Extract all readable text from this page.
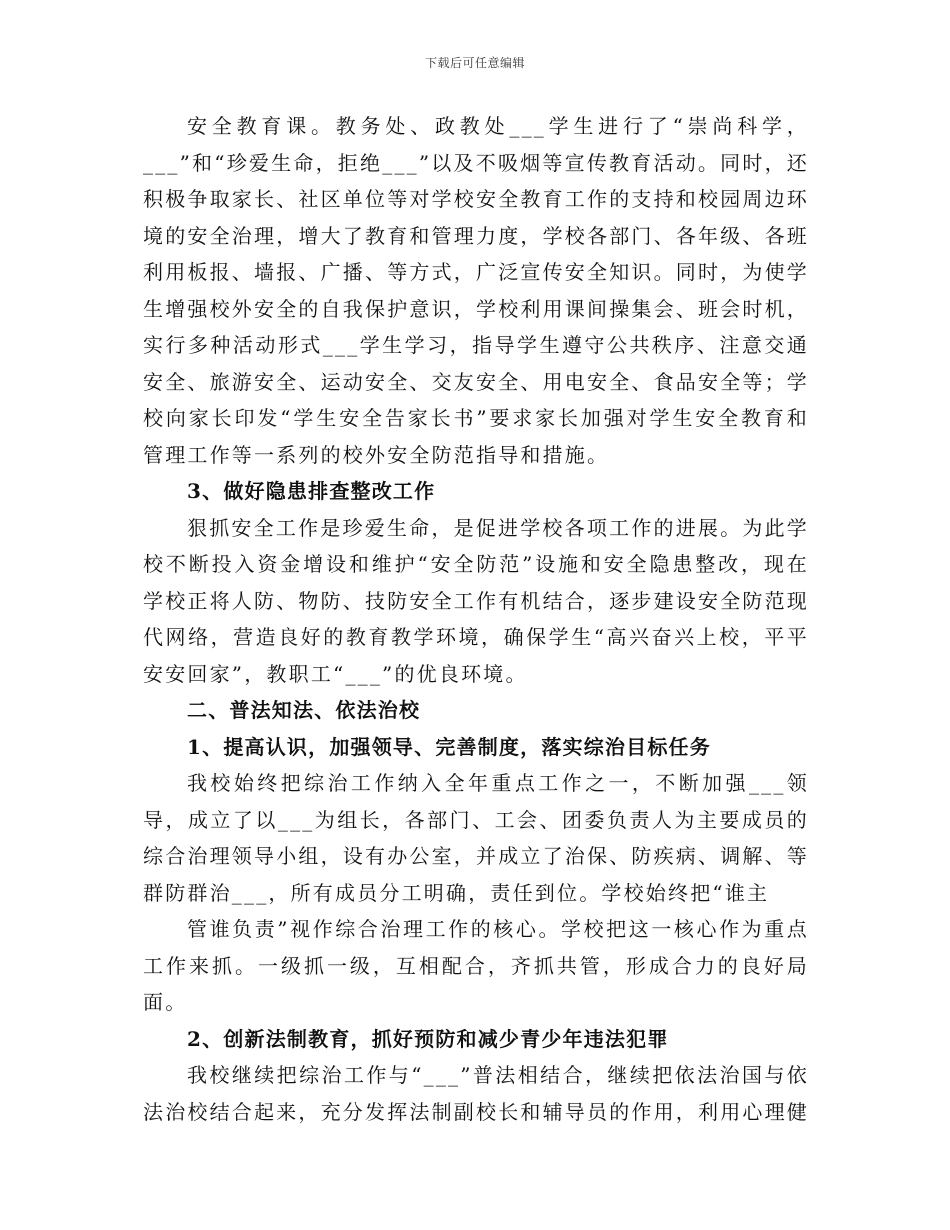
下载后可任意编辑

安全教育课。教务处、政教处___学生进行了“崇尚科学，___”和“珍爱生命，拒绝___”以及不吸烟等宣传教育活动。同时，还积极争取家长、社区单位等对学校安全教育工作的支持和校园周边环境的安全治理，增大了教育和管理力度，学校各部门、各年级、各班利用板报、墙报、广播、等方式，广泛宣传安全知识。同时，为使学生增强校外安全的自我保护意识，学校利用课间操集会、班会时机，实行多种活动形式___学生学习，指导学生遵守公共秩序、注意交通安全、旅游安全、运动安全、交友安全、用电安全、食品安全等；学校向家长印发“学生安全告家长书”要求家长加强对学生安全教育和管理工作等一系列的校外安全防范指导和措施。

3、做好隐患排查整改工作

狠抓安全工作是珍爱生命，是促进学校各项工作的进展。为此学校不断投入资金增设和维护“安全防范”设施和安全隐患整改，现在学校正将人防、物防、技防安全工作有机结合，逐步建设安全防范现代网络，营造良好的教育教学环境，确保学生“高兴奋兴上校，平平安安回家”，教职工“___”的优良环境。

二、普法知法、依法治校

1、提高认识，加强领导、完善制度，落实综治目标任务

我校始终把综治工作纳入全年重点工作之一，不断加强___领导，成立了以___为组长，各部门、工会、团委负责人为主要成员的综合治理领导小组，设有办公室，并成立了治保、防疾病、调解、等群防群治___，所有成员分工明确，责任到位。学校始终把“谁主

管谁负责”视作综合治理工作的核心。学校把这一核心作为重点工作来抓。一级抓一级，互相配合，齐抓共管，形成合力的良好局面。

2、创新法制教育，抓好预防和减少青少年违法犯罪

我校继续把综治工作与“___”普法相结合，继续把依法治国与依法治校结合起来，充分发挥法制副校长和辅导员的作用，利用心理健
